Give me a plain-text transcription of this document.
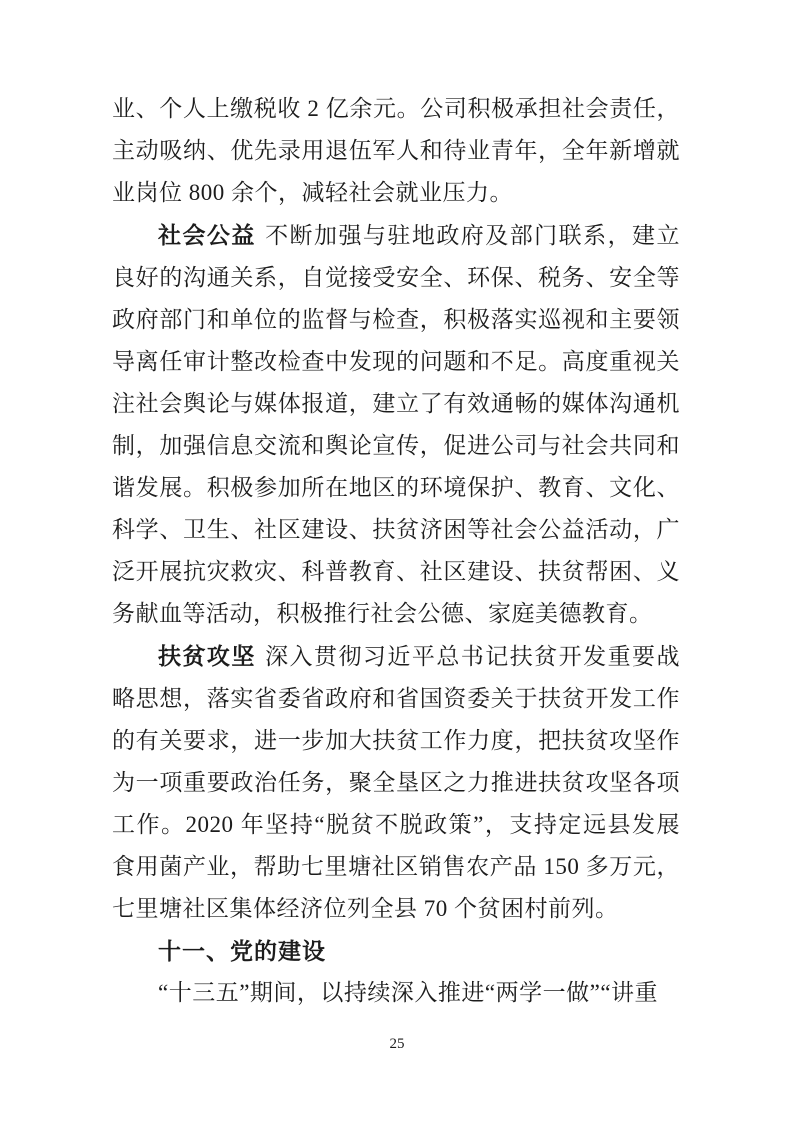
业、个人上缴税收 2 亿余元。公司积极承担社会责任，主动吸纳、优先录用退伍军人和待业青年，全年新增就业岗位 800 余个，减轻社会就业压力。

社会公益 不断加强与驻地政府及部门联系，建立良好的沟通关系，自觉接受安全、环保、税务、安全等政府部门和单位的监督与检查，积极落实巡视和主要领导离任审计整改检查中发现的问题和不足。高度重视关注社会舆论与媒体报道，建立了有效通畅的媒体沟通机制，加强信息交流和舆论宣传，促进公司与社会共同和谐发展。积极参加所在地区的环境保护、教育、文化、科学、卫生、社区建设、扶贫济困等社会公益活动，广泛开展抗灾救灾、科普教育、社区建设、扶贫帮困、义务献血等活动，积极推行社会公德、家庭美德教育。

扶贫攻坚 深入贯彻习近平总书记扶贫开发重要战略思想，落实省委省政府和省国资委关于扶贫开发工作的有关要求，进一步加大扶贫工作力度，把扶贫攻坚作为一项重要政治任务，聚全垦区之力推进扶贫攻坚各项工作。2020 年坚持“脱贫不脱政策”，支持定远县发展食用菌产业，帮助七里塘社区销售农产品 150 多万元，七里塘社区集体经济位列全县 70 个贫困村前列。

十一、党的建设

“十三五”期间，以持续深入推进“两学一做”“讲重

25
